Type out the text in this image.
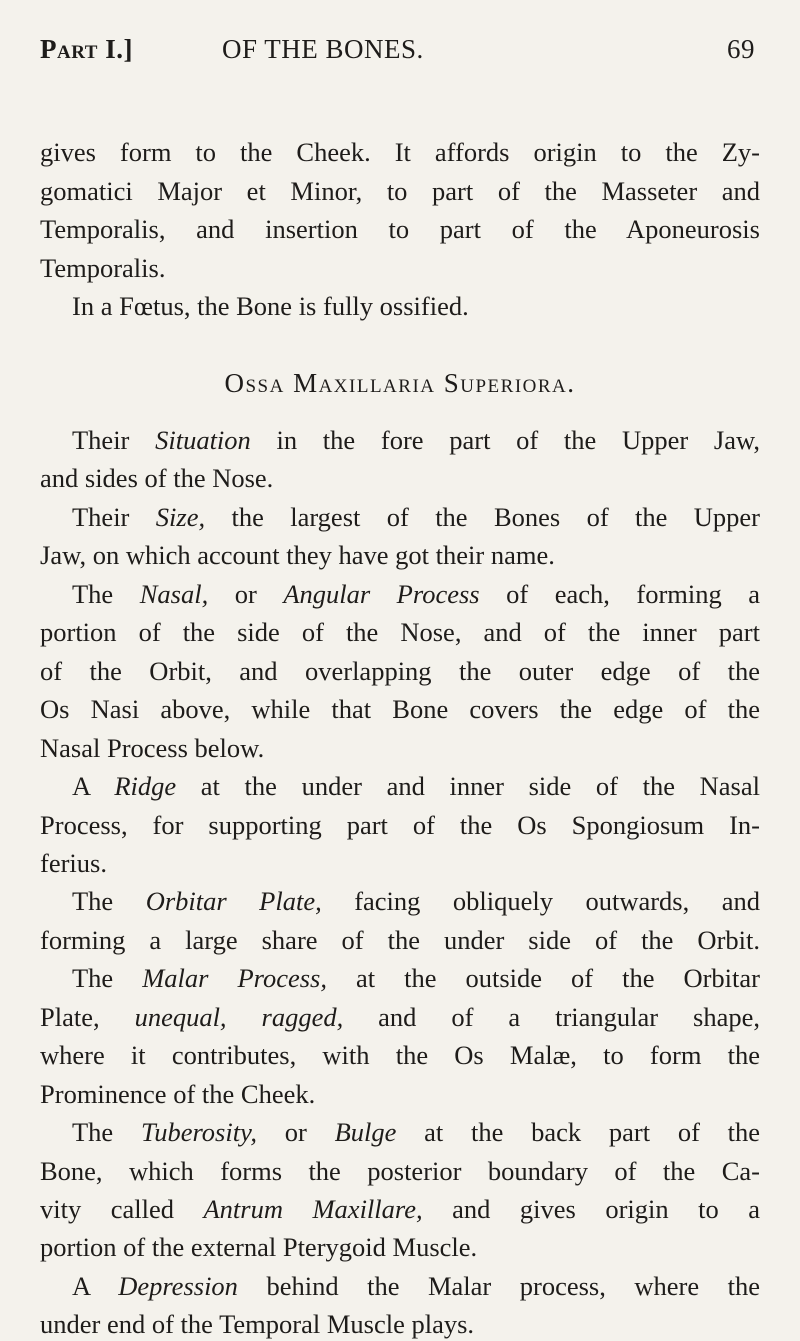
Part I.]	OF THE BONES.	69
gives form to the Cheek. It affords origin to the Zy-
gomatici Major et Minor, to part of the Masseter and
Temporalis, and insertion to part of the Aponeurosis
Temporalis.
In a Fœtus, the Bone is fully ossified.
Ossa Maxillaria Superiora.
Their Situation in the fore part of the Upper Jaw,
and sides of the Nose.
Their Size, the largest of the Bones of the Upper
Jaw, on which account they have got their name.
The Nasal, or Angular Process of each, forming a
portion of the side of the Nose, and of the inner part
of the Orbit, and overlapping the outer edge of the
Os Nasi above, while that Bone covers the edge of the
Nasal Process below.
A Ridge at the under and inner side of the Nasal
Process, for supporting part of the Os Spongiosum In-
ferius.
The Orbitar Plate, facing obliquely outwards, and
forming a large share of the under side of the Orbit.
The Malar Process, at the outside of the Orbitar
Plate, unequal, ragged, and of a triangular shape,
where it contributes, with the Os Malæ, to form the
Prominence of the Cheek.
The Tuberosity, or Bulge at the back part of the
Bone, which forms the posterior boundary of the Ca-
vity called Antrum Maxillare, and gives origin to a
portion of the external Pterygoid Muscle.
A Depression behind the Malar process, where the
under end of the Temporal Muscle plays.
